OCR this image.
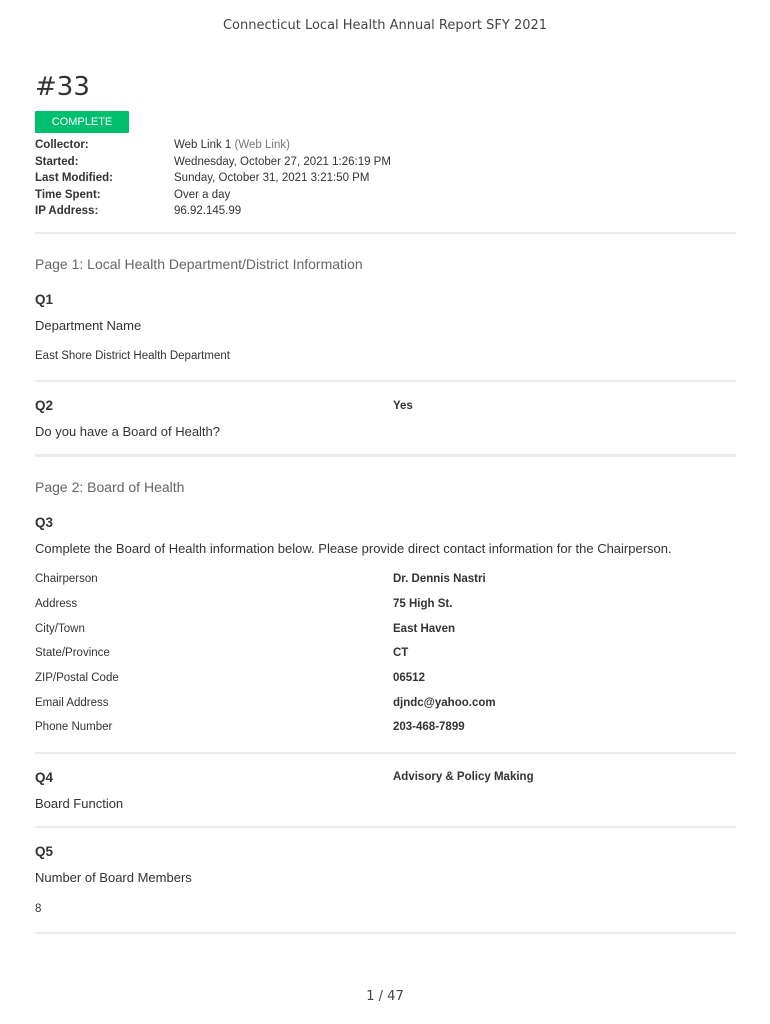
Connecticut Local Health Annual Report SFY 2021
#33
COMPLETE
Collector:	Web Link 1 (Web Link)
Started:	Wednesday, October 27, 2021 1:26:19 PM
Last Modified:	Sunday, October 31, 2021 3:21:50 PM
Time Spent:	Over a day
IP Address:	96.92.145.99
Page 1: Local Health Department/District Information
Q1
Department Name
East Shore District Health Department
Q2	Yes
Do you have a Board of Health?
Page 2: Board of Health
Q3
Complete the Board of Health information below. Please provide direct contact information for the Chairperson.
Chairperson	Dr. Dennis Nastri
Address	75 High St.
City/Town	East Haven
State/Province	CT
ZIP/Postal Code	06512
Email Address	djndc@yahoo.com
Phone Number	203-468-7899
Q4	Advisory & Policy Making
Board Function
Q5
Number of Board Members
8
1 / 47
